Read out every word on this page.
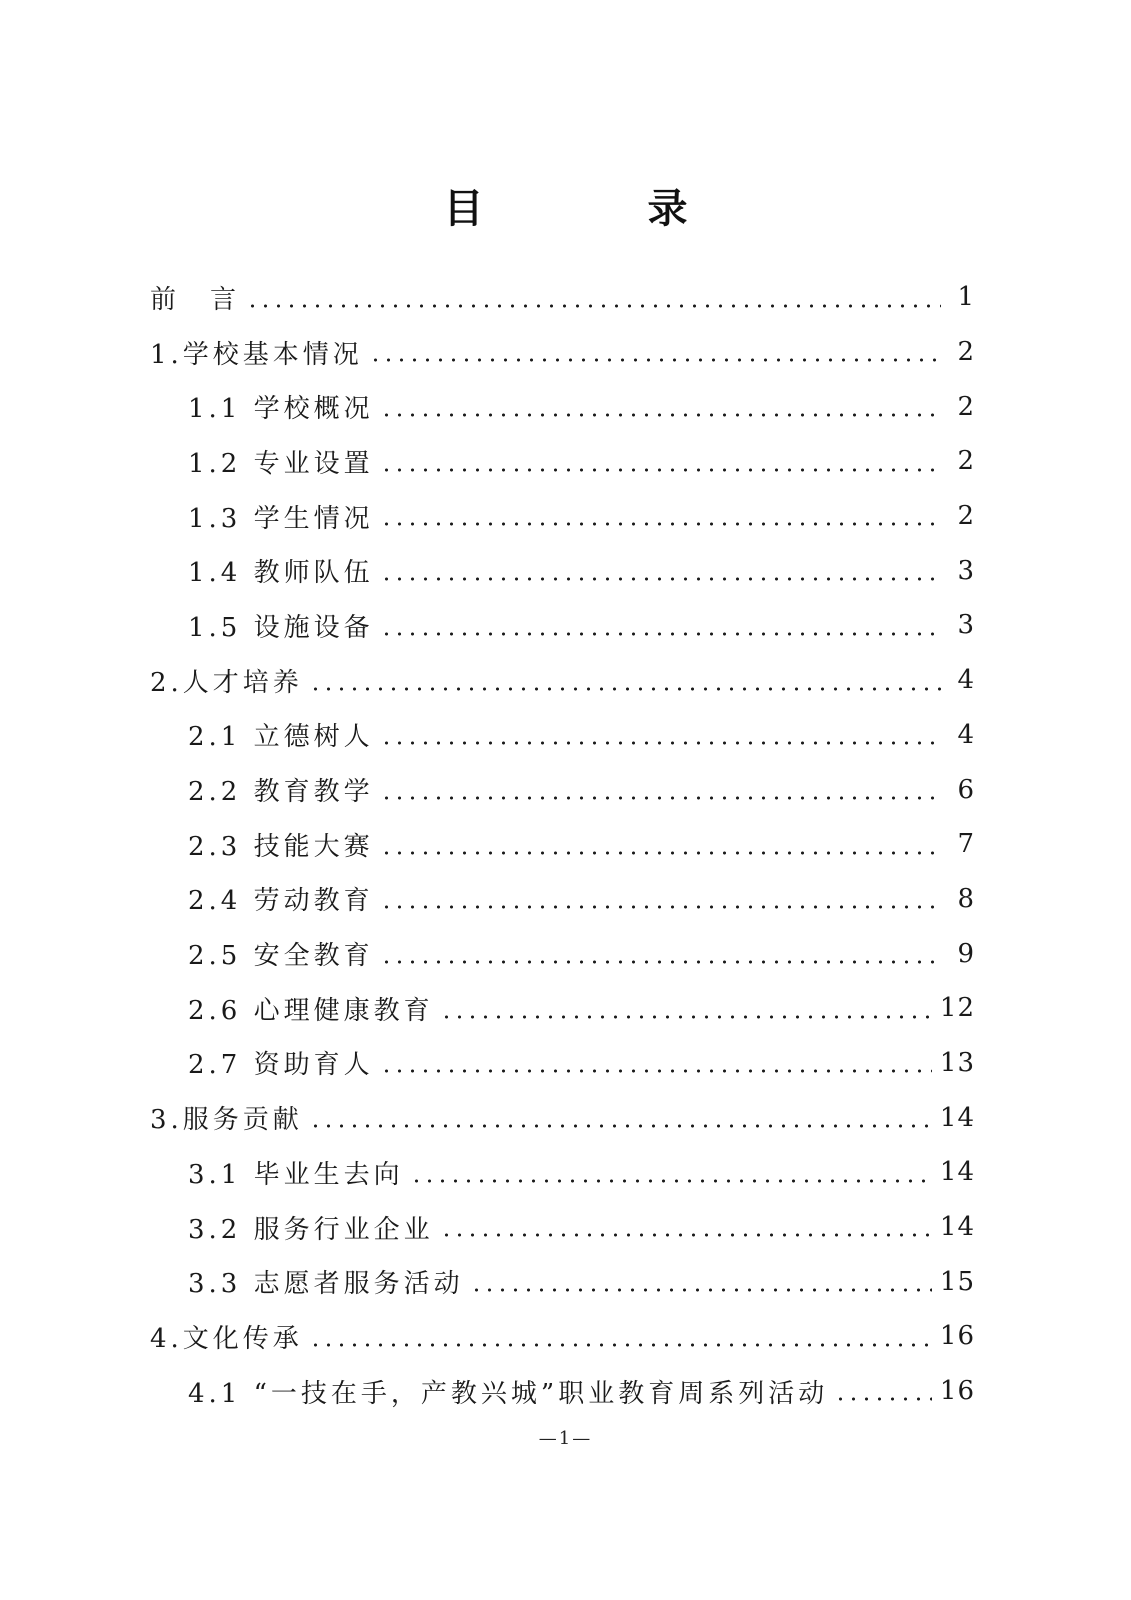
目　录
前　言	1
1.学校基本情况	2
1.1 学校概况	2
1.2 专业设置	2
1.3 学生情况	2
1.4 教师队伍	3
1.5 设施设备	3
2.人才培养	4
2.1 立德树人	4
2.2 教育教学	6
2.3 技能大赛	7
2.4 劳动教育	8
2.5 安全教育	9
2.6 心理健康教育	12
2.7 资助育人	13
3.服务贡献	14
3.1 毕业生去向	14
3.2 服务行业企业	14
3.3 志愿者服务活动	15
4.文化传承	16
4.1 “一技在手，产教兴城”职业教育周系列活动	16
—1—
